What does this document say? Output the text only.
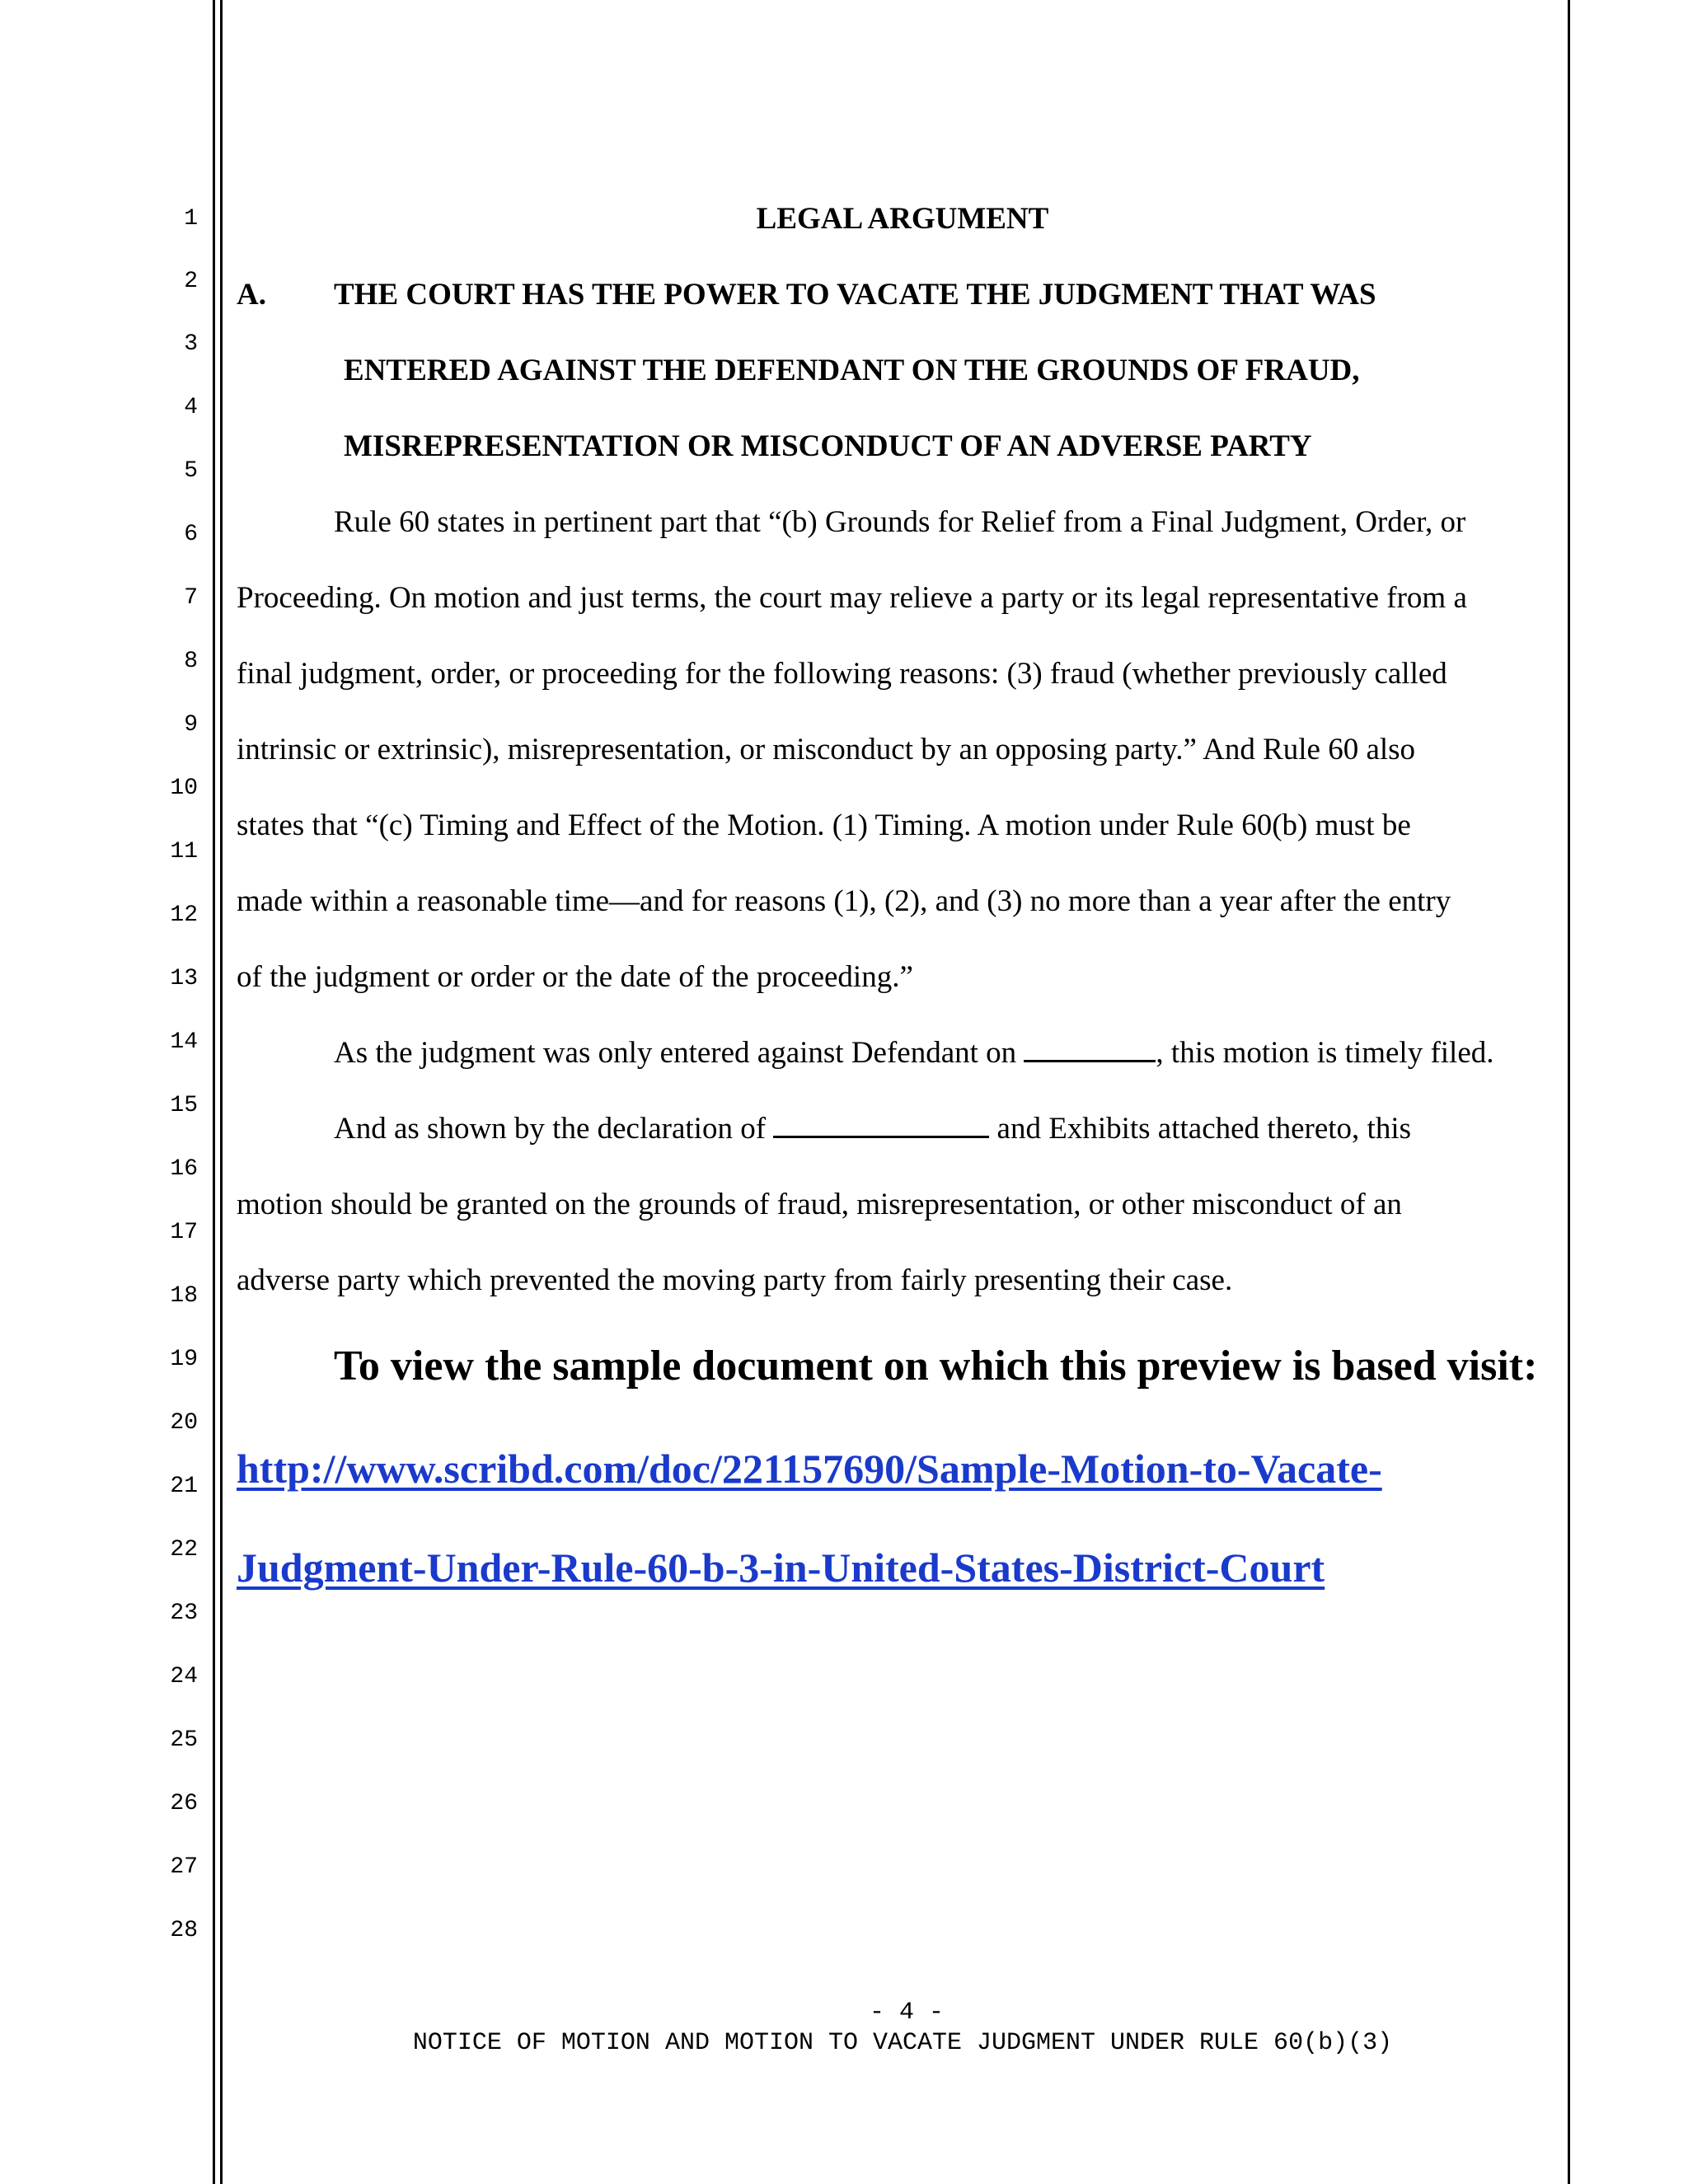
1
2
3
4
5
6
7
8
9
10
11
12
13
14
15
16
17
18
19
20
21
22
23
24
25
26
27
28
LEGAL ARGUMENT
A. THE COURT HAS THE POWER TO VACATE THE JUDGMENT THAT WAS
ENTERED AGAINST THE DEFENDANT ON THE GROUNDS OF FRAUD,
MISREPRESENTATION OR MISCONDUCT OF AN ADVERSE PARTY
Rule 60 states in pertinent part that “(b) Grounds for Relief from a Final Judgment, Order, or
Proceeding. On motion and just terms, the court may relieve a party or its legal representative from a
final judgment, order, or proceeding for the following reasons: (3) fraud (whether previously called
intrinsic or extrinsic), misrepresentation, or misconduct by an opposing party.” And Rule 60 also
states that “(c) Timing and Effect of the Motion. (1) Timing. A motion under Rule 60(b) must be
made within a reasonable time—and for reasons (1), (2), and (3) no more than a year after the entry
of the judgment or order or the date of the proceeding.”
As the judgment was only entered against Defendant on	, this motion is timely filed.
And as shown by the declaration of	and Exhibits attached thereto, this
motion should be granted on the grounds of fraud, misrepresentation, or other misconduct of an
adverse party which prevented the moving party from fairly presenting their case.
To view the sample document on which this preview is based visit:
http://www.scribd.com/doc/221157690/Sample-Motion-to-Vacate-
Judgment-Under-Rule-60-b-3-in-United-States-District-Court
- 4 -
NOTICE OF MOTION AND MOTION TO VACATE JUDGMENT UNDER RULE 60(b)(3)
